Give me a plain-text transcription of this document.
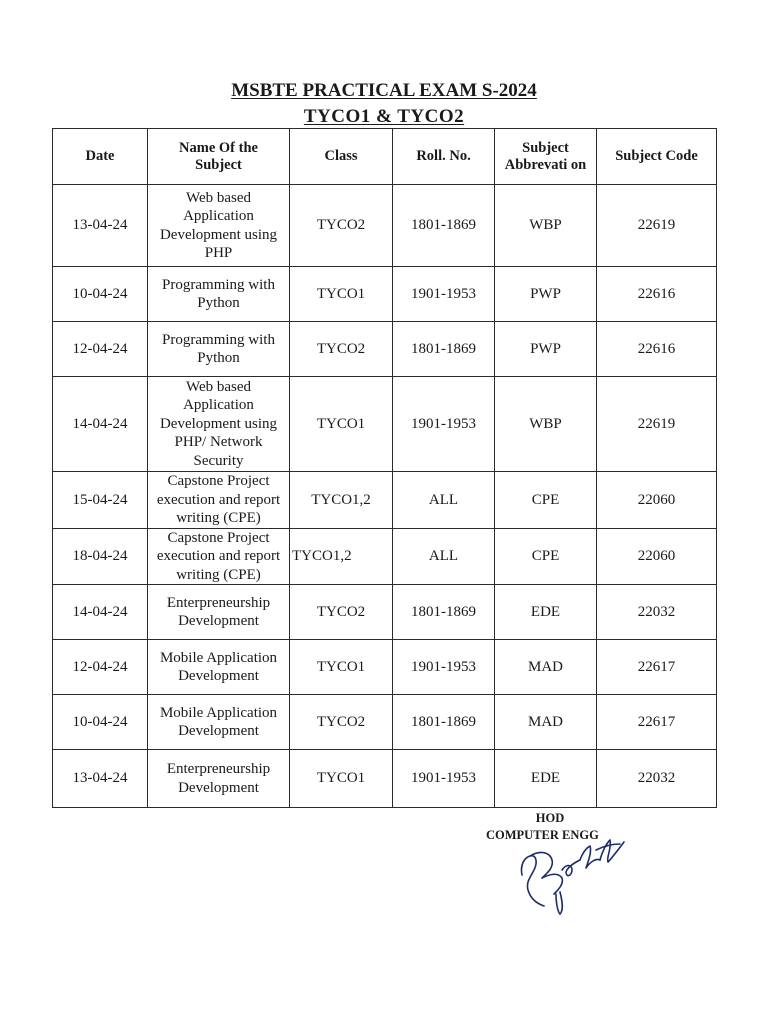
MSBTE PRACTICAL EXAM S-2024
TYCO1 & TYCO2
Date	Name Of the Subject	Class	Roll. No.	Subject Abbrevati on	Subject Code
13-04-24	Web based Application Development using PHP	TYCO2	1801-1869	WBP	22619
10-04-24	Programming with Python	TYCO1	1901-1953	PWP	22616
12-04-24	Programming with Python	TYCO2	1801-1869	PWP	22616
14-04-24	Web based Application Development using PHP/ Network Security	TYCO1	1901-1953	WBP	22619
15-04-24	Capstone Project execution and report writing (CPE)	TYCO1,2	ALL	CPE	22060
18-04-24	Capstone Project execution and report writing (CPE)	TYCO1,2	ALL	CPE	22060
14-04-24	Enterpreneurship Development	TYCO2	1801-1869	EDE	22032
12-04-24	Mobile Application Development	TYCO1	1901-1953	MAD	22617
10-04-24	Mobile Application Development	TYCO2	1801-1869	MAD	22617
13-04-24	Enterpreneurship Development	TYCO1	1901-1953	EDE	22032
HOD
COMPUTER ENGG
